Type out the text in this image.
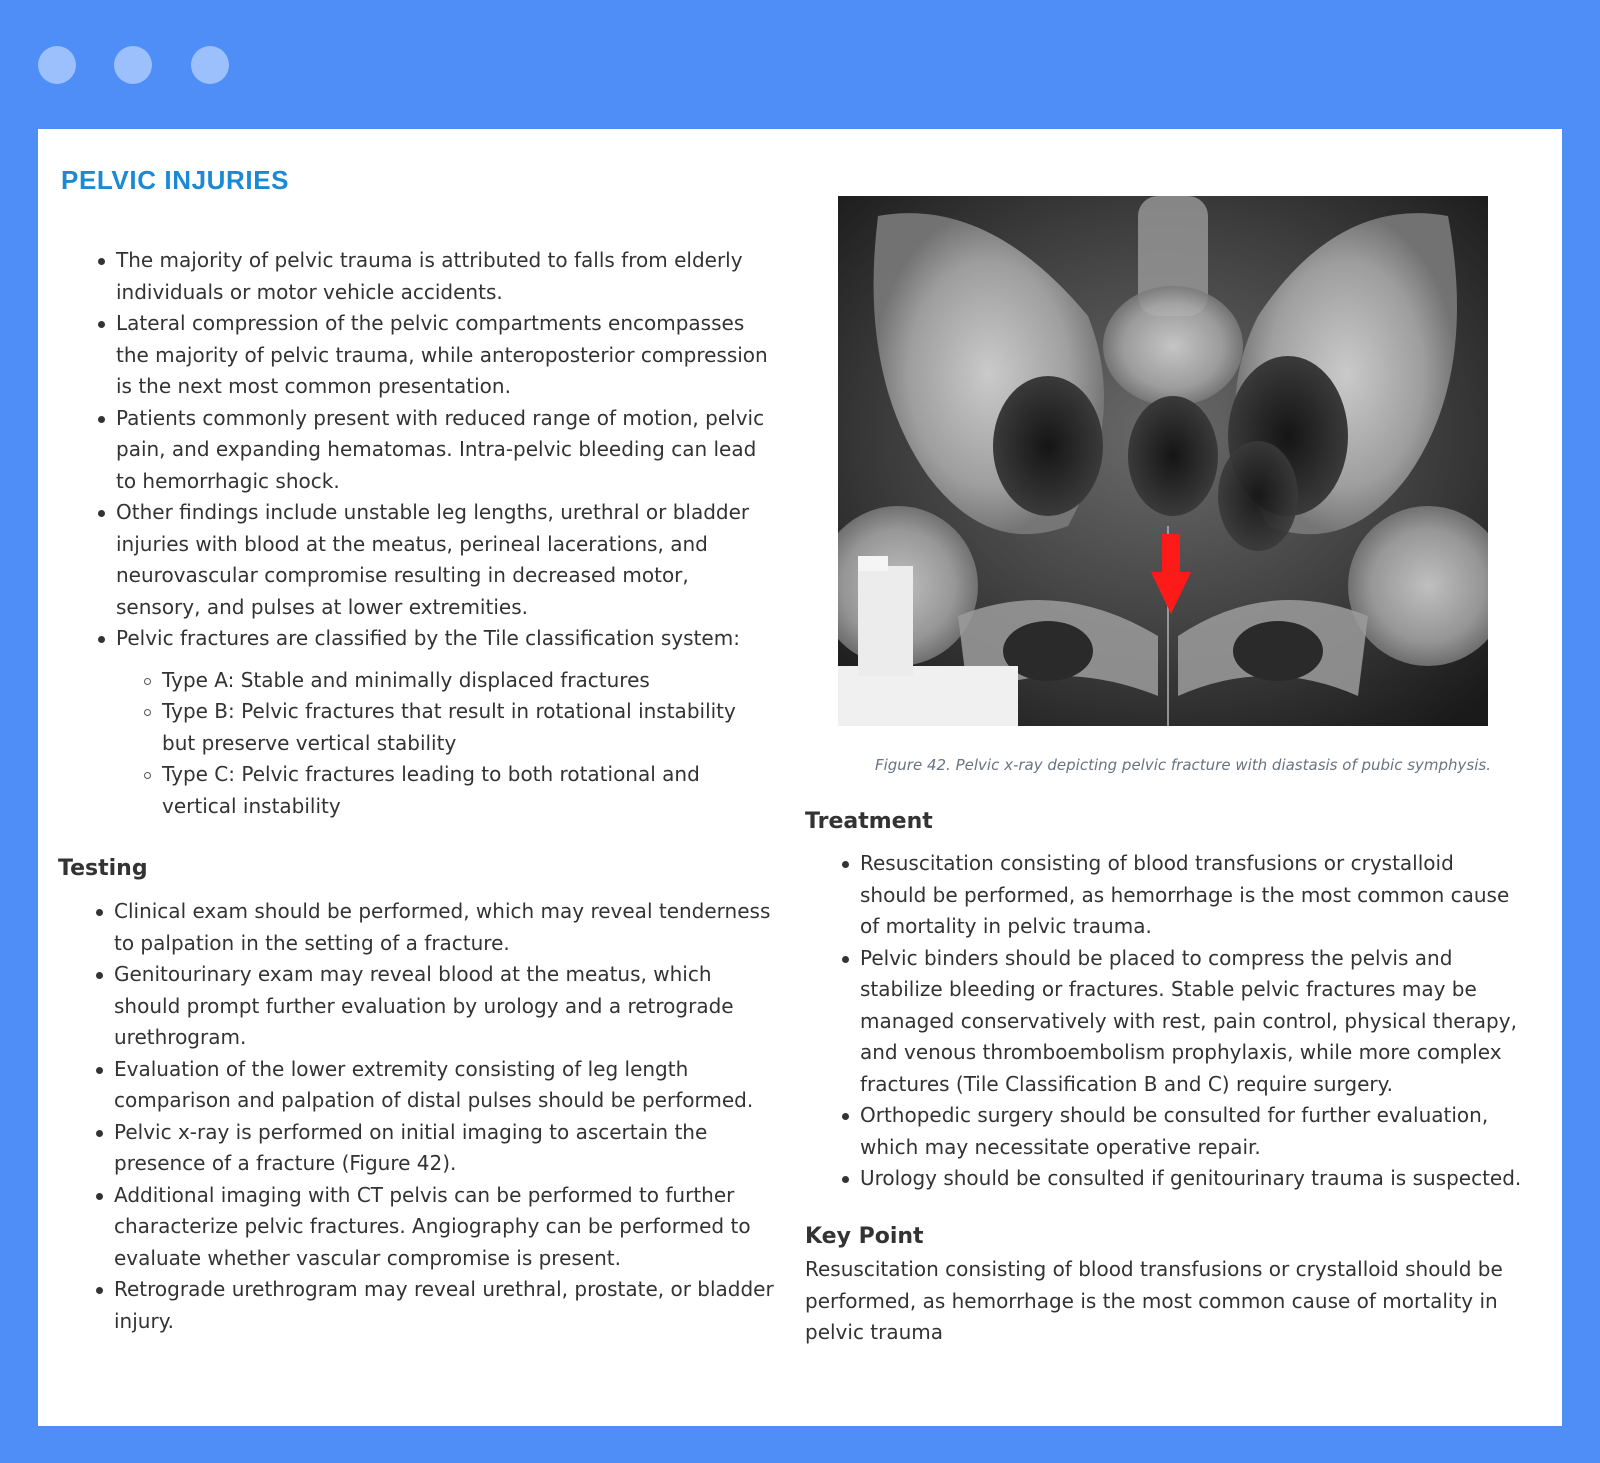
PELVIC INJURIES
The majority of pelvic trauma is attributed to falls from elderly individuals or motor vehicle accidents.
Lateral compression of the pelvic compartments encompasses the majority of pelvic trauma, while anteroposterior compression is the next most common presentation.
Patients commonly present with reduced range of motion, pelvic pain, and expanding hematomas. Intra-pelvic bleeding can lead to hemorrhagic shock.
Other findings include unstable leg lengths, urethral or bladder injuries with blood at the meatus, perineal lacerations, and neurovascular compromise resulting in decreased motor, sensory, and pulses at lower extremities.
Pelvic fractures are classified by the Tile classification system:
Type A: Stable and minimally displaced fractures
Type B: Pelvic fractures that result in rotational instability but preserve vertical stability
Type C: Pelvic fractures leading to both rotational and vertical instability
Testing
Clinical exam should be performed, which may reveal tenderness to palpation in the setting of a fracture.
Genitourinary exam may reveal blood at the meatus, which should prompt further evaluation by urology and a retrograde urethrogram.
Evaluation of the lower extremity consisting of leg length comparison and palpation of distal pulses should be performed.
Pelvic x-ray is performed on initial imaging to ascertain the presence of a fracture (Figure 42).
Additional imaging with CT pelvis can be performed to further characterize pelvic fractures. Angiography can be performed to evaluate whether vascular compromise is present.
Retrograde urethrogram may reveal urethral, prostate, or bladder injury.

Figure 42. Pelvic x-ray depicting pelvic fracture with diastasis of pubic symphysis.

Treatment
Resuscitation consisting of blood transfusions or crystalloid should be performed, as hemorrhage is the most common cause of mortality in pelvic trauma.
Pelvic binders should be placed to compress the pelvis and stabilize bleeding or fractures. Stable pelvic fractures may be managed conservatively with rest, pain control, physical therapy, and venous thromboembolism prophylaxis, while more complex fractures (Tile Classification B and C) require surgery.
Orthopedic surgery should be consulted for further evaluation, which may necessitate operative repair.
Urology should be consulted if genitourinary trauma is suspected.
Key Point

Resuscitation consisting of blood transfusions or crystalloid should be performed, as hemorrhage is the most common cause of mortality in pelvic trauma
